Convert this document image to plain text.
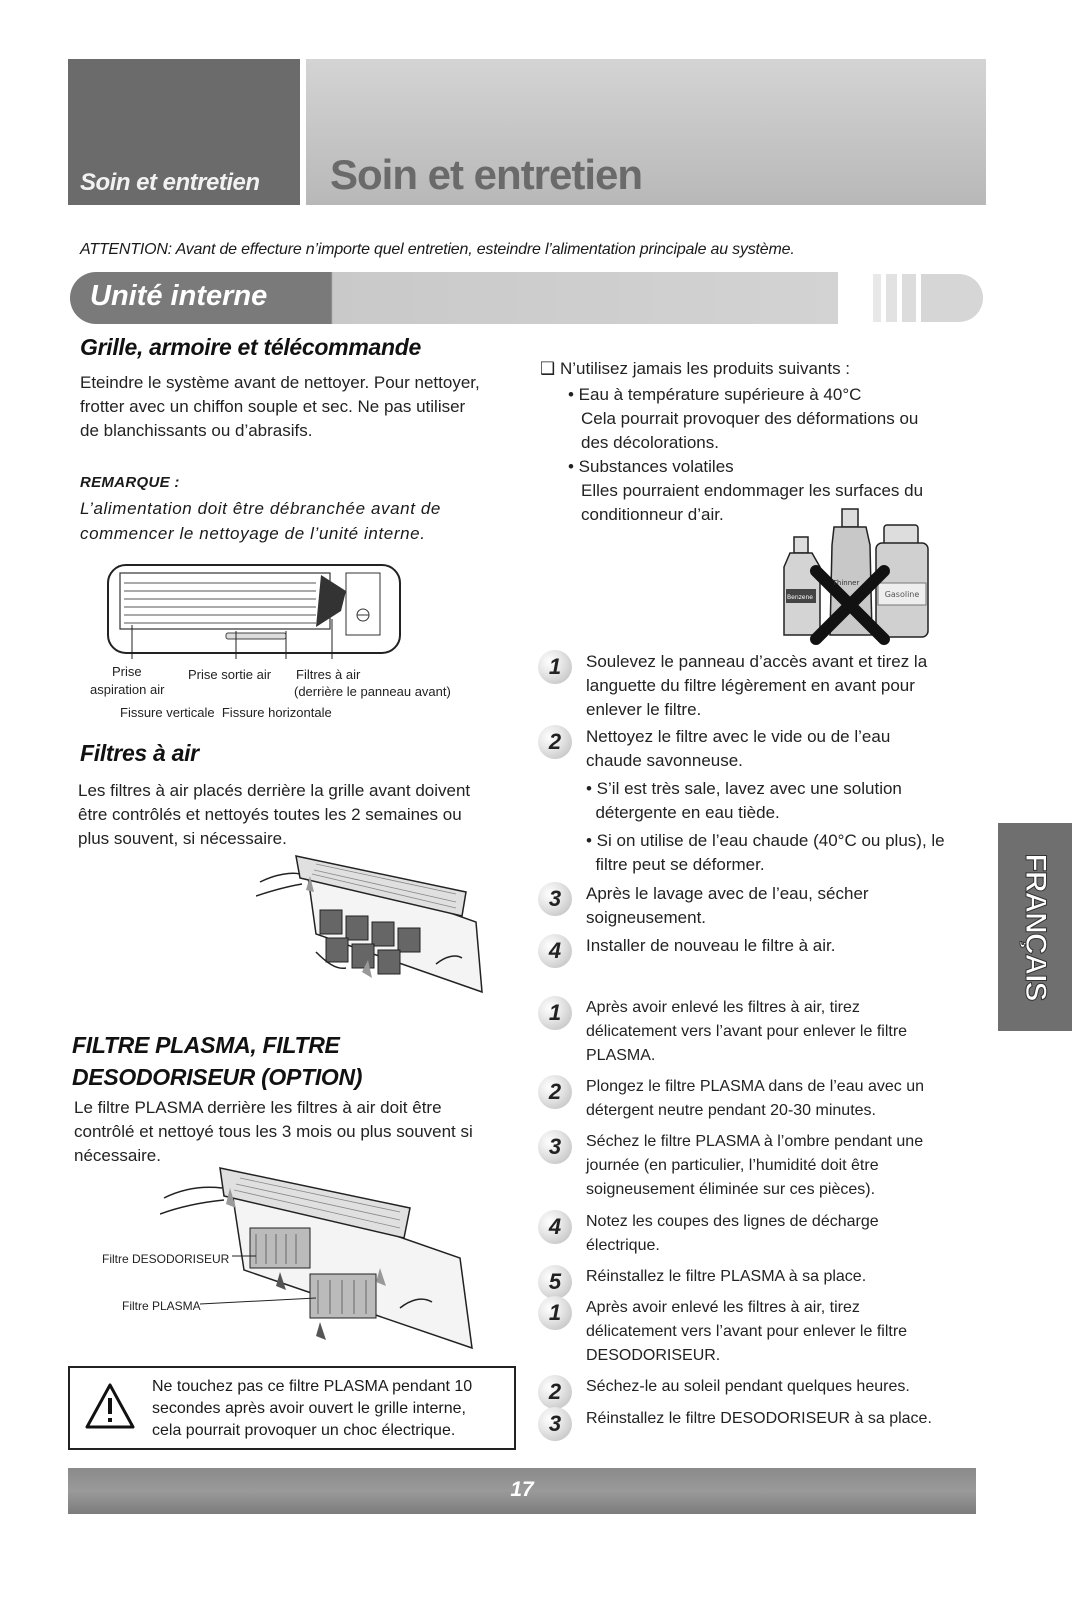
Soin et entretien Soin et entretien
ATTENTION: Avant de effecture n’importe quel entretien, esteindre l’alimentation principale au système.
Unité interne
Grille, armoire et télécommande
Eteindre le système avant de nettoyer. Pour nettoyer,
frotter avec un chiffon souple et sec. Ne pas utiliser
de blanchissants ou d’abrasifs.
REMARQUE :
L’alimentation doit être débranchée avant de
commencer le nettoyage de l’unité interne.
Prise
aspiration air
Prise sortie air Filtres à air
(derrière le panneau avant)
Fissure verticale  Fissure horizontale
Filtres à air
Les filtres à air placés derrière la grille avant doivent
être contrôlés et nettoyés toutes les 2 semaines ou
plus souvent, si nécessaire.
FILTRE PLASMA, FILTRE
DESODORISEUR (OPTION)
Le filtre PLASMA derrière les filtres à air doit être
contrôlé et nettoyé tous les 3 mois ou plus souvent si
nécessaire.
Filtre DESODORISEUR
Filtre PLASMA
Ne touchez pas ce filtre PLASMA pendant 10
secondes après avoir ouvert le grille interne,
cela pourrait provoquer un choc électrique.
❑ N’utilisez jamais les produits suivants :
• Eau à température supérieure à 40°C
Cela pourrait provoquer des déformations ou
des décolorations.
• Substances volatiles
Elles pourraient endommager les surfaces du
conditionneur d’air.
Thinner
Benzene	Gasoline
1	Soulevez le panneau d’accès avant et tirez la
languette du filtre légèrement en avant pour
enlever le filtre.
2	Nettoyez le filtre avec le vide ou de l’eau
chaude savonneuse.
• S’il est très sale, lavez avec une solution
détergente en eau tiède.
• Si on utilise de l’eau chaude (40°C ou plus), le
filtre peut se déformer.
3	Après le lavage avec de l’eau, sécher
soigneusement.
4	Installer de nouveau le filtre à air.
1	Après avoir enlevé les filtres à air, tirez
délicatement vers l’avant pour enlever le filtre
PLASMA.
2	Plongez le filtre PLASMA dans de l’eau avec un
détergent neutre pendant 20-30 minutes.
3	Séchez le filtre PLASMA à l’ombre pendant une
journée (en particulier, l’humidité doit être
soigneusement éliminée sur ces pièces).
4	Notez les coupes des lignes de décharge
électrique.
5	Réinstallez le filtre PLASMA à sa place.
1	Après avoir enlevé les filtres à air, tirez
délicatement vers l’avant pour enlever le filtre
DESODORISEUR.
2	Séchez-le au soleil pendant quelques heures.
3	Réinstallez le filtre DESODORISEUR à sa place.
FRANÇAIS
17
